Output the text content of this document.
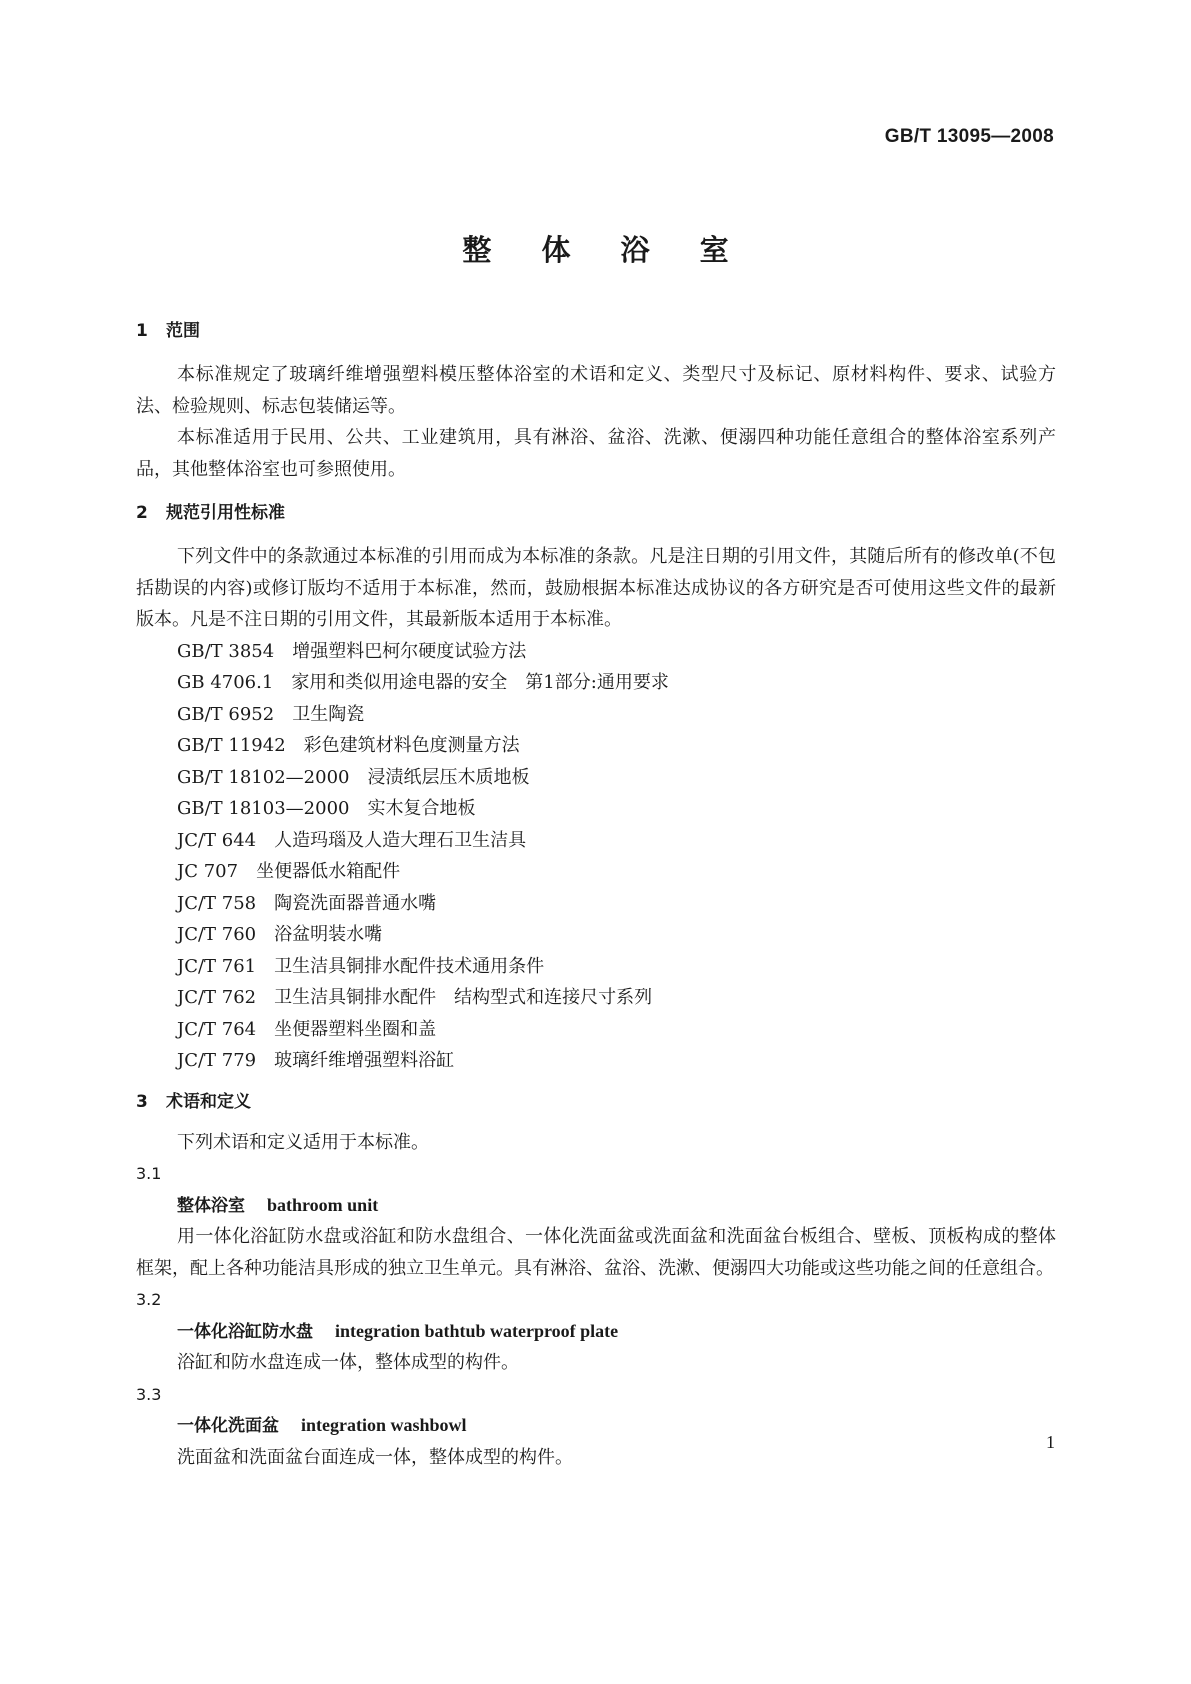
GB/T 13095—2008
整 体 浴 室
1 范围

本标准规定了玻璃纤维增强塑料模压整体浴室的术语和定义、类型尺寸及标记、原材料构件、要求、试验方法、检验规则、标志包装储运等。

本标准适用于民用、公共、工业建筑用，具有淋浴、盆浴、洗漱、便溺四种功能任意组合的整体浴室系列产品，其他整体浴室也可参照使用。

2 规范引用性标准

下列文件中的条款通过本标准的引用而成为本标准的条款。凡是注日期的引用文件，其随后所有的修改单(不包括勘误的内容)或修订版均不适用于本标准，然而，鼓励根据本标准达成协议的各方研究是否可使用这些文件的最新版本。凡是不注日期的引用文件，其最新版本适用于本标准。

GB/T 3854 增强塑料巴柯尔硬度试验方法
GB 4706.1 家用和类似用途电器的安全　第1部分:通用要求
GB/T 6952 卫生陶瓷
GB/T 11942 彩色建筑材料色度测量方法
GB/T 18102—2000 浸渍纸层压木质地板
GB/T 18103—2000 实木复合地板
JC/T 644 人造玛瑙及人造大理石卫生洁具
JC 707 坐便器低水箱配件
JC/T 758 陶瓷洗面器普通水嘴
JC/T 760 浴盆明装水嘴
JC/T 761 卫生洁具铜排水配件技术通用条件
JC/T 762 卫生洁具铜排水配件　结构型式和连接尺寸系列
JC/T 764 坐便器塑料坐圈和盖
JC/T 779 玻璃纤维增强塑料浴缸
3 术语和定义

下列术语和定义适用于本标准。

3.1
整体浴室 bathroom unit

用一体化浴缸防水盘或浴缸和防水盘组合、一体化洗面盆或洗面盆和洗面盆台板组合、壁板、顶板构成的整体框架，配上各种功能洁具形成的独立卫生单元。具有淋浴、盆浴、洗漱、便溺四大功能或这些功能之间的任意组合。

3.2
一体化浴缸防水盘 integration bathtub waterproof plate

浴缸和防水盘连成一体，整体成型的构件。

3.3
一体化洗面盆 integration washbowl

洗面盆和洗面盆台面连成一体，整体成型的构件。

1
